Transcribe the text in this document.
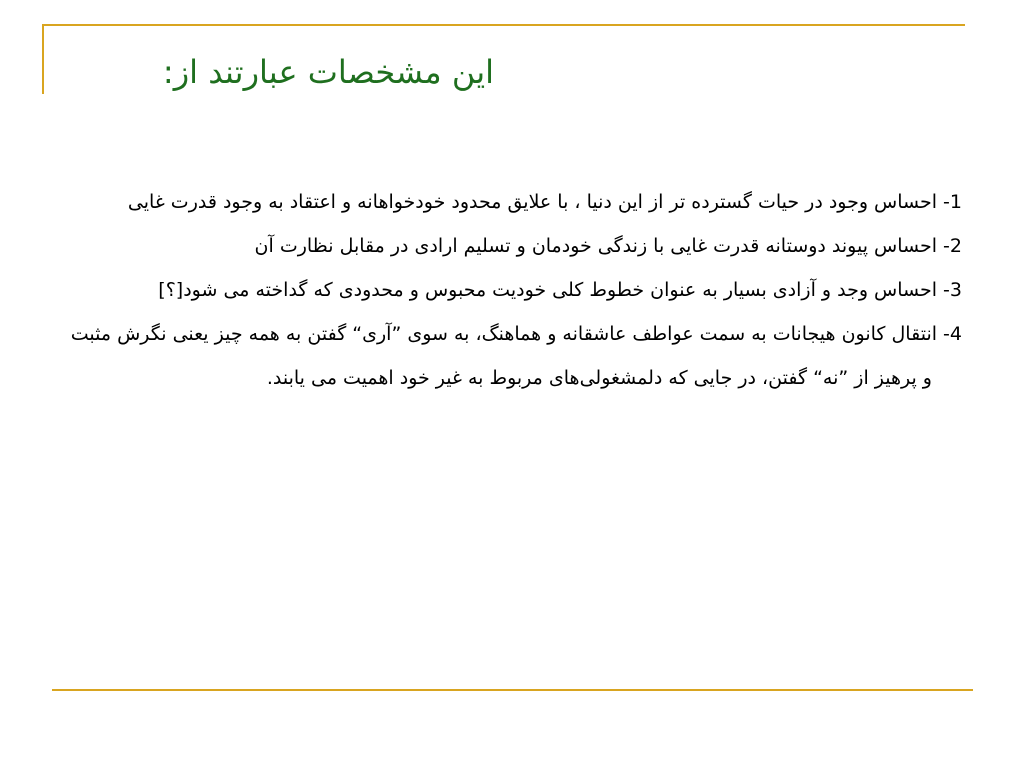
این مشخصات عبارتند از:
1- احساس وجود در حیات گسترده تر از این دنیا ، با علایق محدود خودخواهانه و اعتقاد به وجود قدرت غایی
2- احساس پیوند دوستانه قدرت غایی با زندگی خودمان و تسلیم ارادی در مقابل نظارت آن
3- احساس وجد و آزادی بسیار به عنوان خطوط کلی خودیت محبوس و محدودی که گداخته می شود[؟]
4- انتقال کانون هیجانات به سمت عواطف عاشقانه و هماهنگ، به سوی ”آری“ گفتن به همه چیز یعنی نگرش مثبت و پرهیز از ”نه“ گفتن، در جایی که دلمشغولی‌های مربوط به غیر خود اهمیت می یابند.
